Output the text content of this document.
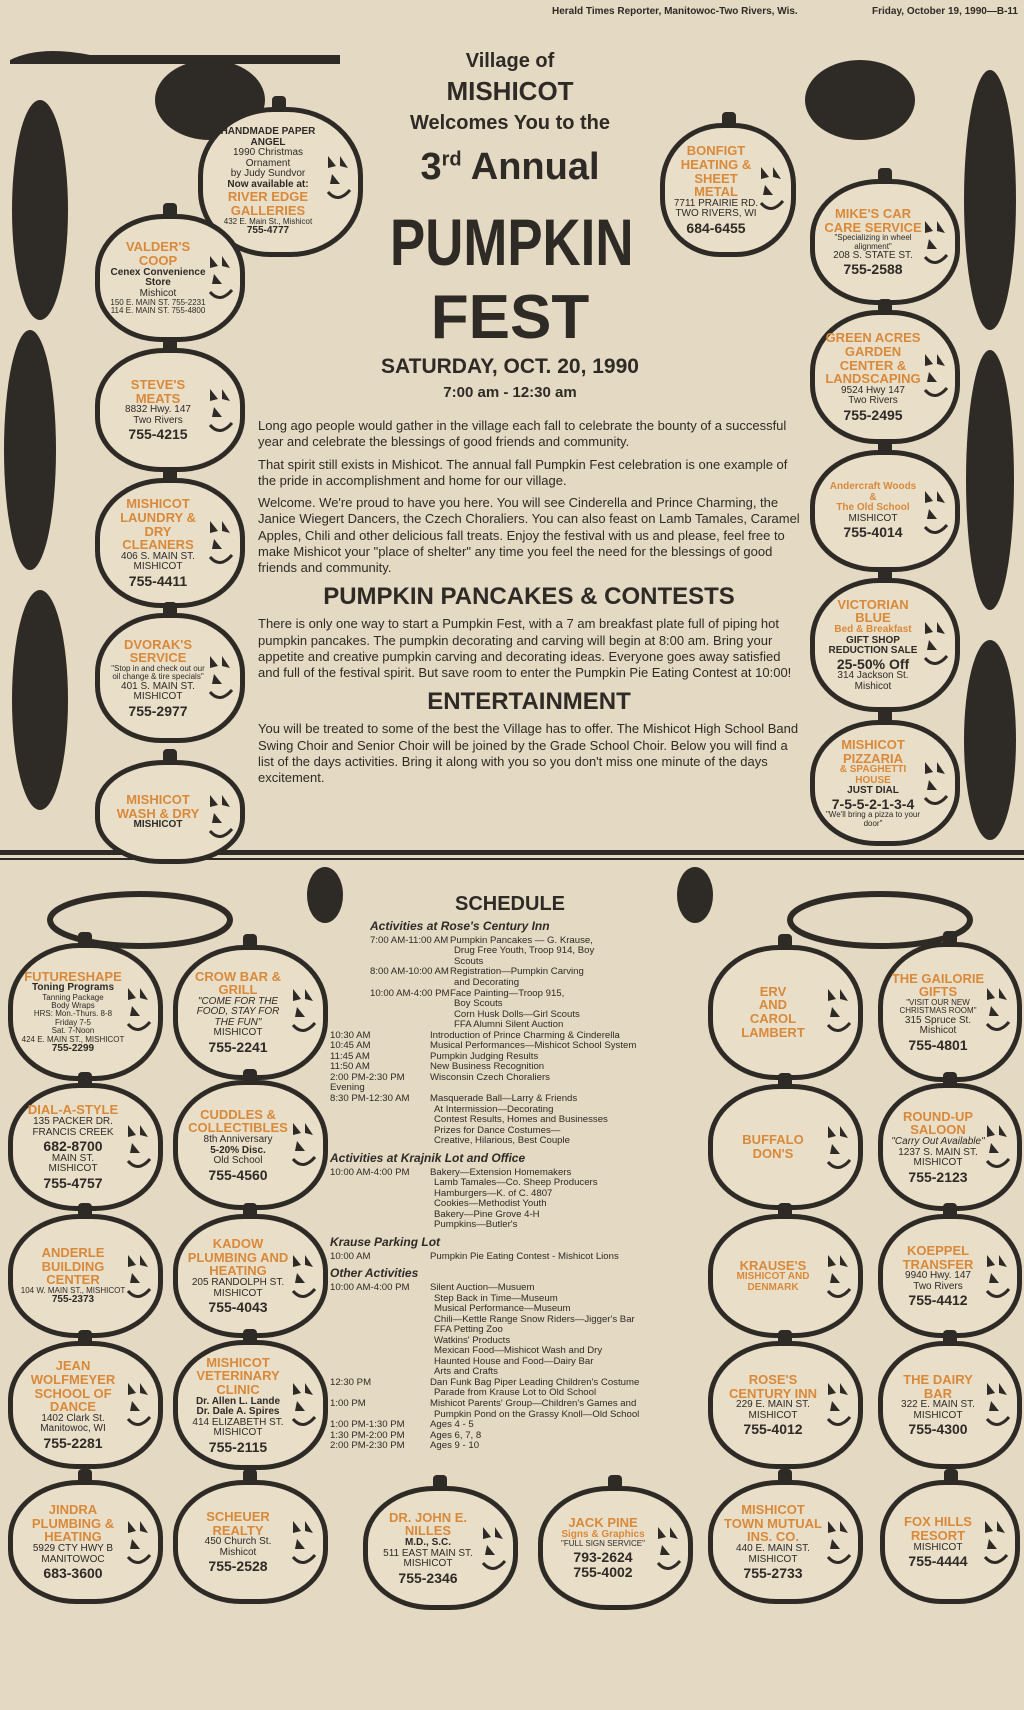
Herald Times Reporter, Manitowoc-Two Rivers, Wis.	Friday, October 19, 1990—B-11
Village of
MISHICOT
Welcomes You to the
3rd Annual
PUMPKIN
FEST
SATURDAY, OCT. 20, 1990
7:00 am - 12:30 am

Long ago people would gather in the village each fall to celebrate the bounty of a successful year and celebrate the blessings of good friends and community.

That spirit still exists in Mishicot. The annual fall Pumpkin Fest celebration is one example of the pride in accomplishment and home for our village.

Welcome. We're proud to have you here. You will see Cinderella and Prince Charming, the Janice Wiegert Dancers, the Czech Choraliers. You can also feast on Lamb Tamales, Caramel Apples, Chili and other delicious fall treats. Enjoy the festival with us and please, feel free to make Mishicot your "place of shelter" any time you feel the need for the blessings of good friends and community.

PUMPKIN PANCAKES & CONTESTS

There is only one way to start a Pumpkin Fest, with a 7 am breakfast plate full of piping hot pumpkin pancakes. The pumpkin decorating and carving will begin at 8:00 am. Bring your appetite and creative pumpkin carving and decorating ideas. Everyone goes away satisfied and full of the festival spirit. But save room to enter the Pumpkin Pie Eating Contest at 10:00!

ENTERTAINMENT

You will be treated to some of the best the Village has to offer. The Mishicot High School Band Swing Choir and Senior Choir will be joined by the Grade School Choir. Below you will find a list of the days activities. Bring it along with you so you don't miss one minute of the days excitement.

SCHEDULE
Activities at Rose's Century Inn
7:00 AM-11:00 AM Pumpkin Pancakes — G. Krause,
Drug Free Youth, Troop 914, Boy
Scouts
8:00 AM-10:00 AM Registration—Pumpkin Carving
and Decorating
10:00 AM-4:00 PM Face Painting—Troop 915,
Boy Scouts
Corn Husk Dolls—Girl Scouts
FFA Alumni Silent Auction
10:30 AM	Introduction of Prince Charming & Cinderella
10:45 AM	Musical Performances—Mishicot School System
11:45 AM	Pumpkin Judging Results
11:50 AM	New Business Recognition
2:00 PM-2:30 PM	Wisconsin Czech Choraliers
Evening
8:30 PM-12:30 AM	Masquerade Ball—Larry & Friends
At Intermission—Decorating
Contest Results, Homes and Businesses
Prizes for Dance Costumes—
Creative, Hilarious, Best Couple
Activities at Krajnik Lot and Office
10:00 AM-4:00 PM	Bakery—Extension Homemakers
Lamb Tamales—Co. Sheep Producers
Hamburgers—K. of C. 4807
Cookies—Methodist Youth
Bakery—Pine Grove 4-H
Pumpkins—Butler's
Krause Parking Lot
10:00 AM	Pumpkin Pie Eating Contest - Mishicot Lions
Other Activities
10:00 AM-4:00 PM	Silent Auction—Musuem
Step Back in Time—Museum
Musical Performance—Museum
Chili—Kettle Range Snow Riders—Jigger's Bar
FFA Petting Zoo
Watkins' Products
Mexican Food—Mishicot Wash and Dry
Haunted House and Food—Dairy Bar
Arts and Crafts
12:30 PM	Dan Funk Bag Piper Leading Children's Costume
Parade from Krause Lot to Old School
1:00 PM	Mishicot Parents' Group—Children's Games and
Pumpkin Pond on the Grassy Knoll—Old School
1:00 PM-1:30 PM	Ages 4 - 5
1:30 PM-2:00 PM	Ages 6, 7, 8
2:00 PM-2:30 PM	Ages 9 - 10
HANDMADE PAPER ANGEL
1990 Christmas Ornament
by Judy Sundvor
Now available at:
RIVER EDGE GALLERIES
432 E. Main St., Mishicot
755-4777
VALDER'S COOP
Cenex Convenience Store
Mishicot
150 E. MAIN ST. 755-2231
114 E. MAIN ST. 755-4800
STEVE'S MEATS
8832 Hwy. 147
Two Rivers
755-4215
MISHICOT LAUNDRY & DRY CLEANERS
406 S. MAIN ST.
MISHICOT
755-4411
DVORAK'S SERVICE
"Stop in and check out our oil change & tire specials"
401 S. MAIN ST.
MISHICOT
755-2977
MISHICOT WASH & DRY
MISHICOT
BONFIGT HEATING & SHEET METAL
7711 PRAIRIE RD.
TWO RIVERS, WI
684-6455
MIKE'S CAR CARE SERVICE
"Specializing in wheel alignment"
208 S. STATE ST.
755-2588
GREEN ACRES GARDEN CENTER & LANDSCAPING
9524 Hwy 147
Two Rivers
755-2495
Andercraft Woods
&
The Old School
MISHICOT
755-4014
VICTORIAN BLUE
Bed & Breakfast
GIFT SHOP REDUCTION SALE
25-50% Off
314 Jackson St.
Mishicot
MISHICOT PIZZARIA
& SPAGHETTI HOUSE
JUST DIAL
7-5-5-2-1-3-4
"We'll bring a pizza to your door"
FUTURESHAPE
Toning Programs
Tanning Package
Body Wraps
HRS: Mon.-Thurs. 8-8
Friday 7-5
Sat. 7-Noon
424 E. MAIN ST., MISHICOT
755-2299
CROW BAR & GRILL
"COME FOR THE FOOD, STAY FOR THE FUN"
MISHICOT
755-2241
DIAL-A-STYLE
135 PACKER DR.
FRANCIS CREEK
682-8700
MAIN ST.
MISHICOT
755-4757
CUDDLES & COLLECTIBLES
8th Anniversary
5-20% Disc.
Old School
755-4560
ANDERLE BUILDING CENTER
104 W. MAIN ST., MISHICOT
755-2373
KADOW PLUMBING AND HEATING
205 RANDOLPH ST.
MISHICOT
755-4043
JEAN WOLFMEYER SCHOOL OF DANCE
1402 Clark St.
Manitowoc, WI
755-2281
MISHICOT VETERINARY CLINIC
Dr. Allen L. Lande
Dr. Dale A. Spires
414 ELIZABETH ST.
MISHICOT
755-2115
JINDRA PLUMBING & HEATING
5929 CTY HWY B
MANITOWOC
683-3600
SCHEUER REALTY
450 Church St.
Mishicot
755-2528
DR. JOHN E. NILLES
M.D., S.C.
511 EAST MAIN ST.
MISHICOT
755-2346
JACK PINE
Signs & Graphics
"FULL SIGN SERVICE"
793-2624
755-4002
MISHICOT TOWN MUTUAL INS. CO.
440 E. MAIN ST.
MISHICOT
755-2733
FOX HILLS RESORT
MISHICOT
755-4444
ERV
AND
CAROL
LAMBERT
THE GAILORIE GIFTS
"VISIT OUR NEW CHRISTMAS ROOM"
315 Spruce St.
Mishicot
755-4801
BUFFALO DON'S
ROUND-UP SALOON
"Carry Out Available"
1237 S. MAIN ST.
MISHICOT
755-2123
KRAUSE'S
MISHICOT AND DENMARK
KOEPPEL TRANSFER
9940 Hwy. 147
Two Rivers
755-4412
ROSE'S CENTURY INN
229 E. MAIN ST.
MISHICOT
755-4012
THE DAIRY BAR
322 E. MAIN ST.
MISHICOT
755-4300
